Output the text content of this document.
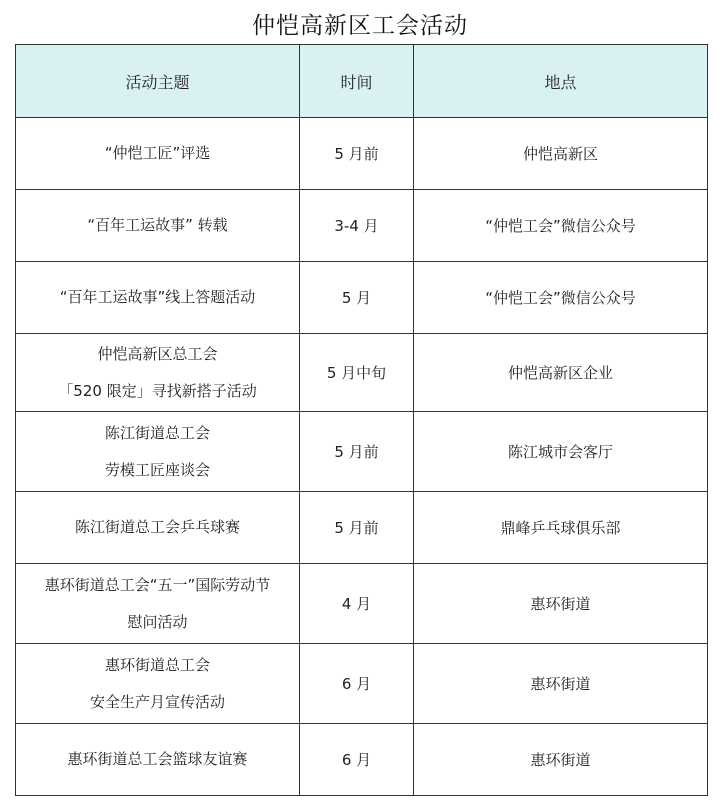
仲恺高新区工会活动
活动主题	时间	地点

“仲恺工匠”评选	5 月前	仲恺高新区

“百年工运故事” 转载	3-4 月	“仲恺工会”微信公众号

“百年工运故事”线上答题活动	5 月	“仲恺工会”微信公众号

仲恺高新区总工会
「520 限定」寻找新搭子活动	5 月中旬	仲恺高新区企业

陈江街道总工会
劳模工匠座谈会	5 月前	陈江城市会客厅

陈江街道总工会乒乓球赛	5 月前	鼎峰乒乓球俱乐部

惠环街道总工会“五一”国际劳动节
慰问活动	4 月	惠环街道

惠环街道总工会
安全生产月宣传活动	6 月	惠环街道

惠环街道总工会篮球友谊赛	6 月	惠环街道
